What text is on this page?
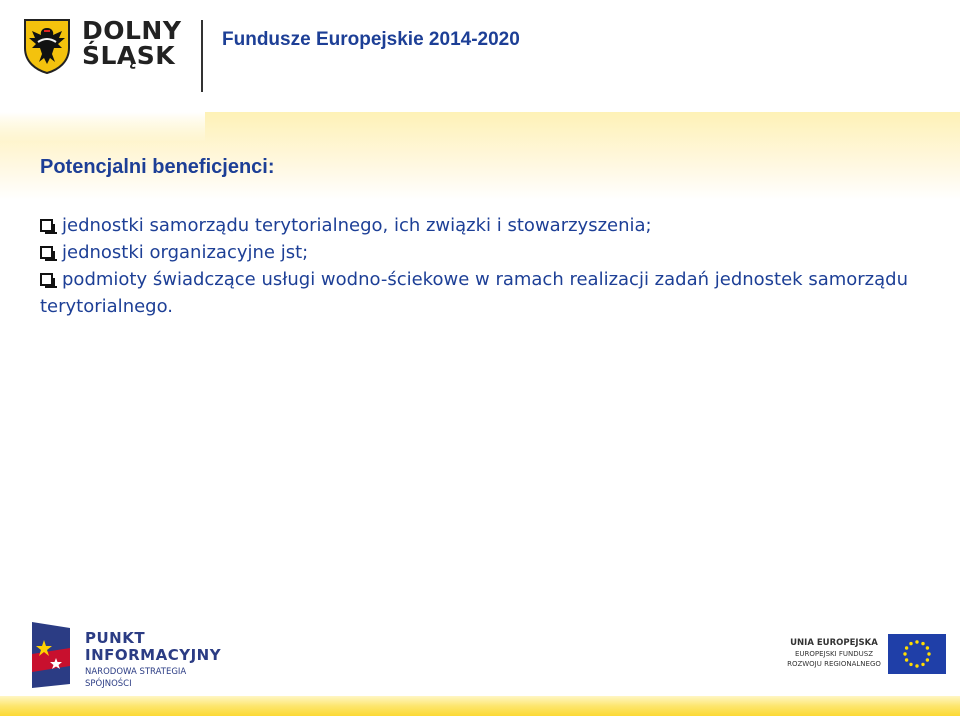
DOLNY
ŚLĄSK
Fundusze Europejskie 2014-2020
Potencjalni beneficjenci:
jednostki samorządu terytorialnego, ich związki i stowarzyszenia;
jednostki organizacyjne jst;
podmioty świadczące usługi wodno-ściekowe w ramach realizacji zadań jednostek samorządu terytorialnego.
PUNKT
INFORMACYJNY
NARODOWA STRATEGIA SPÓJNOŚCI
UNIA EUROPEJSKA
EUROPEJSKI FUNDUSZ
ROZWOJU REGIONALNEGO
